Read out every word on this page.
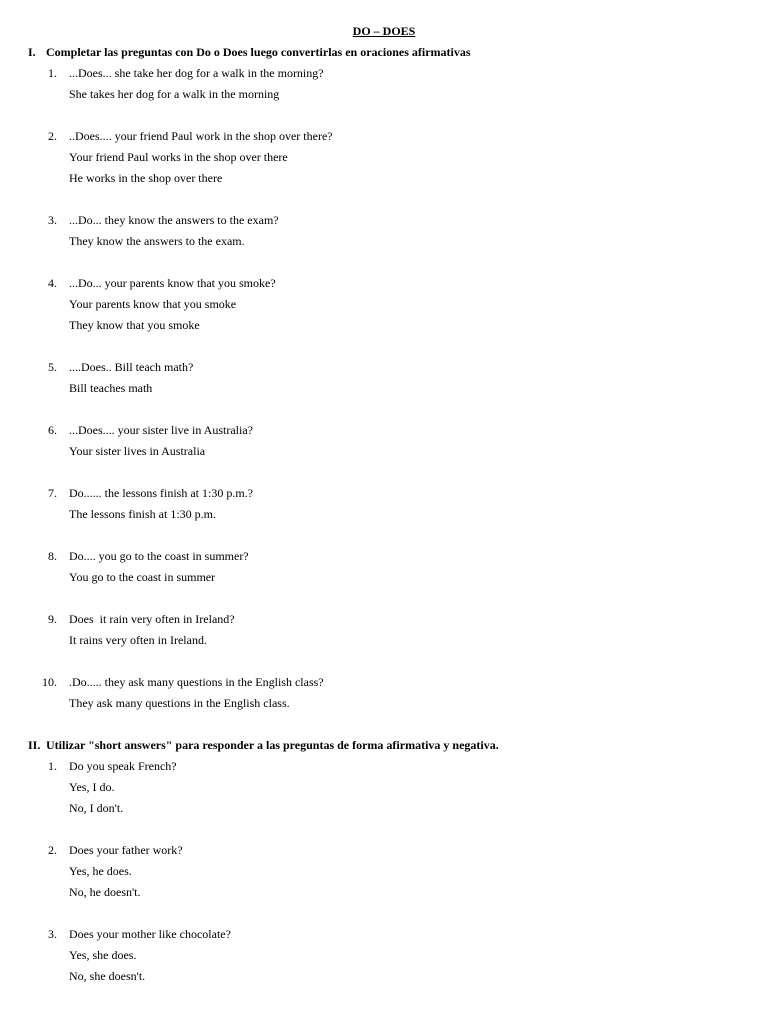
DO – DOES
I. Completar las preguntas con Do o Does luego convertirlas en oraciones afirmativas
1. ...Does... she take her dog for a walk in the morning?
She takes her dog for a walk in the morning
2. ..Does.... your friend Paul work in the shop over there?
Your friend Paul works in the shop over there
He works in the shop over there
3. ...Do... they know the answers to the exam?
They know the answers to the exam.
4. ...Do... your parents know that you smoke?
Your parents know that you smoke
They know that you smoke
5. ....Does.. Bill teach math?
Bill teaches math
6. ...Does.... your sister live in Australia?
Your sister lives in Australia
7. Do...... the lessons finish at 1:30 p.m.?
The lessons finish at 1:30 p.m.
8. Do.... you go to the coast in summer?
You go to the coast in summer
9. Does  it rain very often in Ireland?
It rains very often in Ireland.
10. .Do..... they ask many questions in the English class?
They ask many questions in the English class.
II. Utilizar "short answers" para responder a las preguntas de forma afirmativa y negativa.
1. Do you speak French?
Yes, I do.
No, I don't.
2. Does your father work?
Yes, he does.
No, he doesn't.
3. Does your mother like chocolate?
Yes, she does.
No, she doesn't.
